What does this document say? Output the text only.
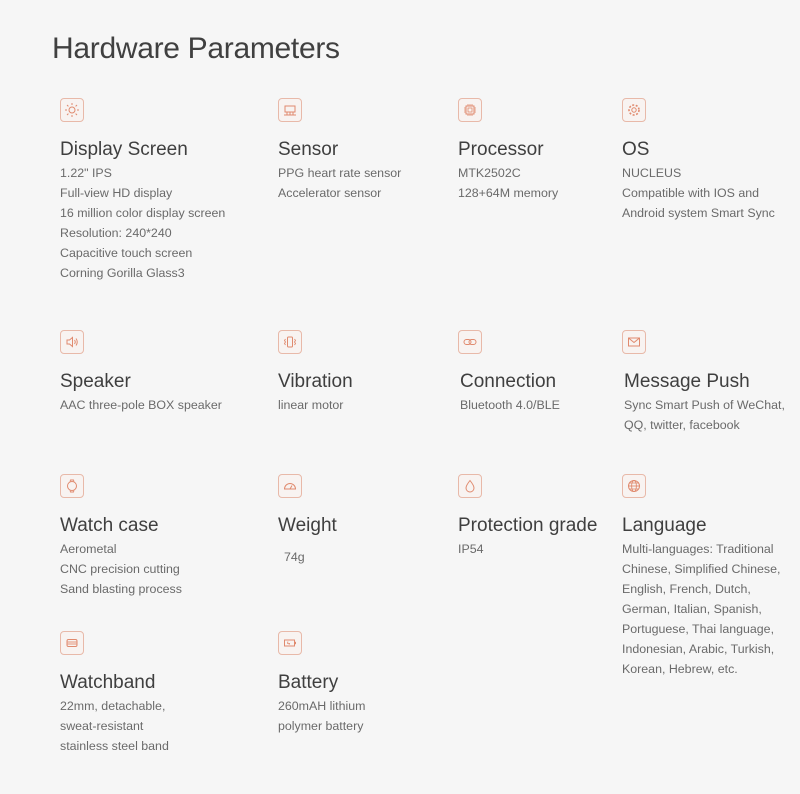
Hardware Parameters
Display Screen
1.22" IPS
Full-view HD display
16 million color display screen
Resolution: 240*240
Capacitive touch screen
Corning Gorilla Glass3
Sensor
PPG heart rate sensor
Accelerator sensor
Processor
MTK2502C
128+64M memory
OS
NUCLEUS
Compatible with IOS and
Android system Smart Sync
Speaker
AAC three-pole BOX speaker
Vibration
linear motor
Connection
Bluetooth 4.0/BLE
Message Push
Sync Smart Push of WeChat,
QQ, twitter, facebook
Watch case
Aerometal
CNC precision cutting
Sand blasting process
Weight
74g
Protection grade
IP54
Language
Multi-languages: Traditional
Chinese, Simplified Chinese,
English, French, Dutch,
German, Italian, Spanish,
Portuguese, Thai language,
Indonesian, Arabic, Turkish,
Korean, Hebrew, etc.
Watchband
22mm, detachable,
sweat-resistant
stainless steel band
Battery
260mAH lithium
polymer battery
